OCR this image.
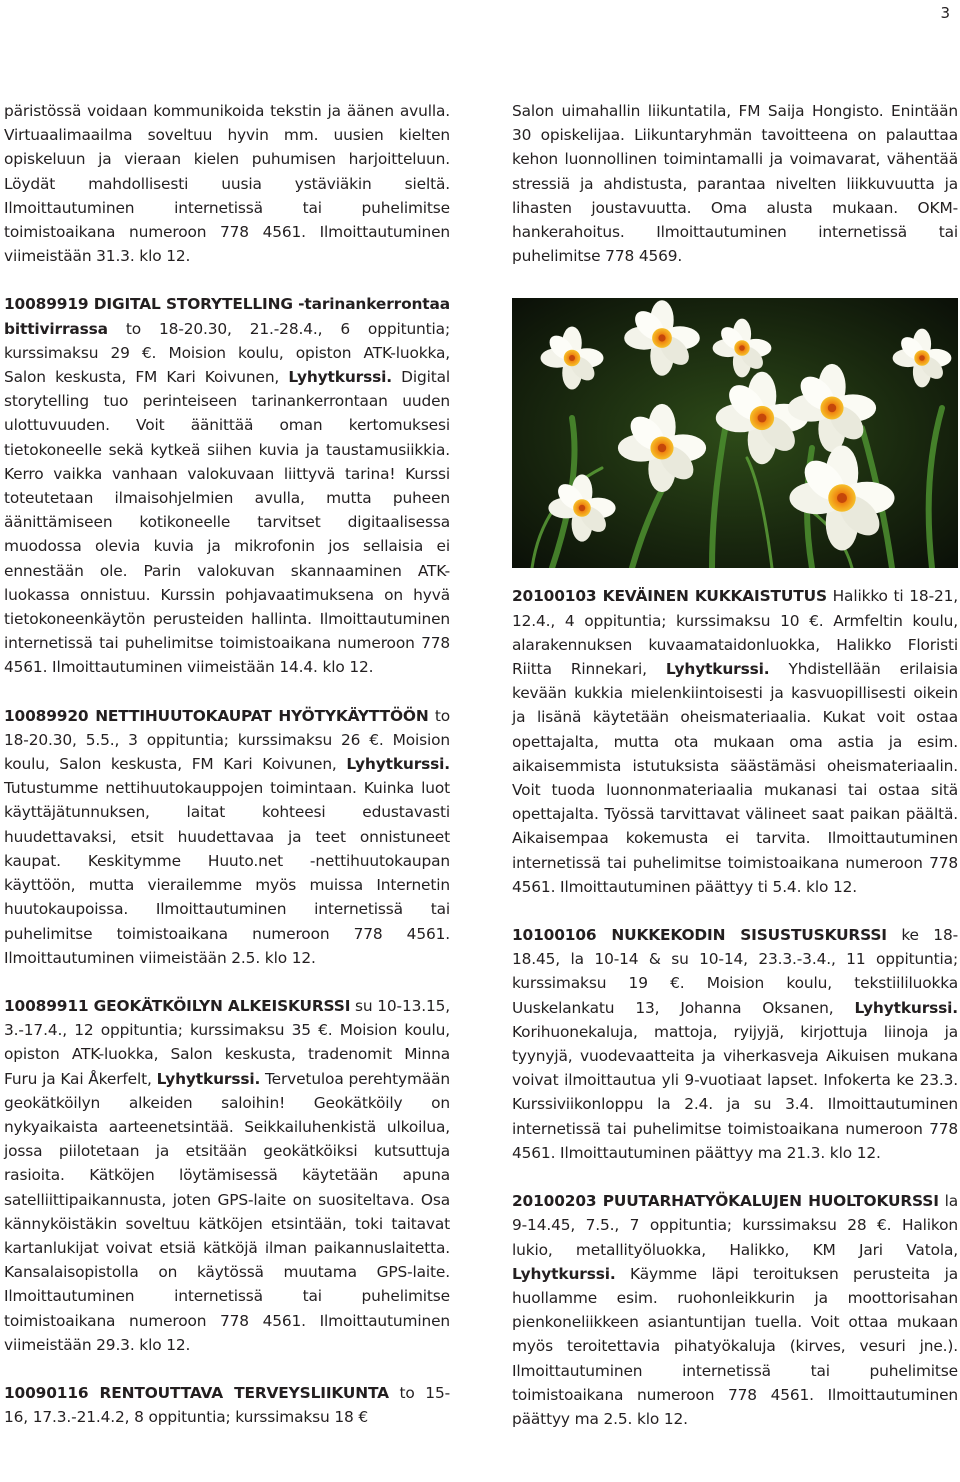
3

päristössä voidaan kommunikoida tekstin ja äänen avulla. Virtuaalimaailma soveltuu hyvin mm. uusien kielten opiskeluun ja vieraan kielen puhumisen harjoitteluun. Löydät mahdollisesti uusia ystäviäkin sieltä. Ilmoittautuminen internetissä tai puhelimitse toimistoaikana numeroon 778 4561. Ilmoittautuminen viimeistään 31.3. klo 12.

10089919 DIGITAL STORYTELLING -tarinankerrontaa bittivirrassa to 18-20.30, 21.-28.4., 6 oppituntia; kurssimaksu 29 €. Moision koulu, opiston ATK-luokka, Salon keskusta, FM Kari Koivunen, Lyhytkurssi. Digital storytelling tuo perinteiseen tarinankerrontaan uuden ulottuvuuden. Voit äänittää oman kertomuksesi tietokoneelle sekä kytkeä siihen kuvia ja taustamusiikkia. Kerro vaikka vanhaan valokuvaan liittyvä tarina! Kurssi toteutetaan ilmaisohjelmien avulla, mutta puheen äänittämiseen kotikoneelle tarvitset digitaalisessa muodossa olevia kuvia ja mikrofonin jos sellaisia ei ennestään ole. Parin valokuvan skannaaminen ATK-luokassa onnistuu. Kurssin pohjavaatimuksena on hyvä tietokoneenkäytön perusteiden hallinta. Ilmoittautuminen internetissä tai puhelimitse toimistoaikana numeroon 778 4561. Ilmoittautuminen viimeistään 14.4. klo 12.

10089920 NETTIHUUTOKAUPAT HYÖTYKÄYTTÖÖN to 18-20.30, 5.5., 3 oppituntia; kurssimaksu 26 €. Moision koulu, Salon keskusta, FM Kari Koivunen, Lyhytkurssi. Tutustumme nettihuutokauppojen toimintaan. Kuinka luot käyttäjätunnuksen, laitat kohteesi edustavasti huudettavaksi, etsit huudettavaa ja teet onnistuneet kaupat. Keskitymme Huuto.net -nettihuutokaupan käyttöön, mutta vierailemme myös muissa Internetin huutokaupoissa. Ilmoittautuminen internetissä tai puhelimitse toimistoaikana numeroon 778 4561. Ilmoittautuminen viimeistään 2.5. klo 12.

10089911 GEOKÄTKÖILYN ALKEISKURSSI su 10-13.15, 3.-17.4., 12 oppituntia; kurssimaksu 35 €. Moision koulu, opiston ATK-luokka, Salon keskusta, tradenomit Minna Furu ja Kai Åkerfelt, Lyhytkurssi. Tervetuloa perehtymään geokätköilyn alkeiden saloihin! Geokätköily on nykyaikaista aarteenetsintää. Seikkailuhenkistä ulkoilua, jossa piilotetaan ja etsitään geokätköiksi kutsuttuja rasioita. Kätköjen löytämisessä käytetään apuna satelliittipaikannusta, joten GPS-laite on suositeltava. Osa kännyköistäkin soveltuu kätköjen etsintään, toki taitavat kartanlukijat voivat etsiä kätköjä ilman paikannuslaitetta. Kansalaisopistolla on käytössä muutama GPS-laite. Ilmoittautuminen internetissä tai puhelimitse toimistoaikana numeroon 778 4561. Ilmoittautuminen viimeistään 29.3. klo 12.

10090116 RENTOUTTAVA TERVEYSLIIKUNTA to 15-16, 17.3.-21.4.2, 8 oppituntia; kurssimaksu 18 €

Salon uimahallin liikuntatila, FM Saija Hongisto. Enintään 30 opiskelijaa. Liikuntaryhmän tavoitteena on palauttaa kehon luonnollinen toimintamalli ja voimavarat, vähentää stressiä ja ahdistusta, parantaa nivelten liikkuvuutta ja lihasten joustavuutta. Oma alusta mukaan. OKM-hankerahoitus. Ilmoittautuminen internetissä tai puhelimitse 778 4569.

20100103 KEVÄINEN KUKKAISTUTUS Halikko ti 18-21, 12.4., 4 oppituntia; kurssimaksu 10 €. Armfeltin koulu, alarakennuksen kuvaamataidonluokka, Halikko Floristi Riitta Rinnekari, Lyhytkurssi. Yhdistellään erilaisia kevään kukkia mielenkiintoisesti ja kasvuopillisesti oikein ja lisänä käytetään oheismateriaalia. Kukat voit ostaa opettajalta, mutta ota mukaan oma astia ja esim. aikaisemmista istutuksista säästämäsi oheismateriaalin. Voit tuoda luonnonmateriaalia mukanasi tai ostaa sitä opettajalta. Työssä tarvittavat välineet saat paikan päältä. Aikaisempaa kokemusta ei tarvita. Ilmoittautuminen internetissä tai puhelimitse toimistoaikana numeroon 778 4561. Ilmoittautuminen päättyy ti 5.4. klo 12.

10100106 NUKKEKODIN SISUSTUSKURSSI ke 18-18.45, la 10-14 & su 10-14, 23.3.-3.4., 11 oppituntia; kurssimaksu 19 €. Moision koulu, tekstiililuokka Uuskelankatu 13, Johanna Oksanen, Lyhytkurssi. Korihuonekaluja, mattoja, ryijyjä, kirjottuja liinoja ja tyynyjä, vuodevaatteita ja viherkasveja Aikuisen mukana voivat ilmoittautua yli 9-vuotiaat lapset. Infokerta ke 23.3. Kurssiviikonloppu la 2.4. ja su 3.4. Ilmoittautuminen internetissä tai puhelimitse toimistoaikana numeroon 778 4561. Ilmoittautuminen päättyy ma 21.3. klo 12.

20100203 PUUTARHATYÖKALUJEN HUOLTOKURSSI la 9-14.45, 7.5., 7 oppituntia; kurssimaksu 28 €. Halikon lukio, metallityöluokka, Halikko, KM Jari Vatola, Lyhytkurssi. Käymme läpi teroituksen perusteita ja huollamme esim. ruohonleikkurin ja moottorisahan pienkoneliikkeen asiantuntijan tuella. Voit ottaa mukaan myös teroitettavia pihatyökaluja (kirves, vesuri jne.). Ilmoittautuminen internetissä tai puhelimitse toimistoaikana numeroon 778 4561. Ilmoittautuminen päättyy ma 2.5. klo 12.
